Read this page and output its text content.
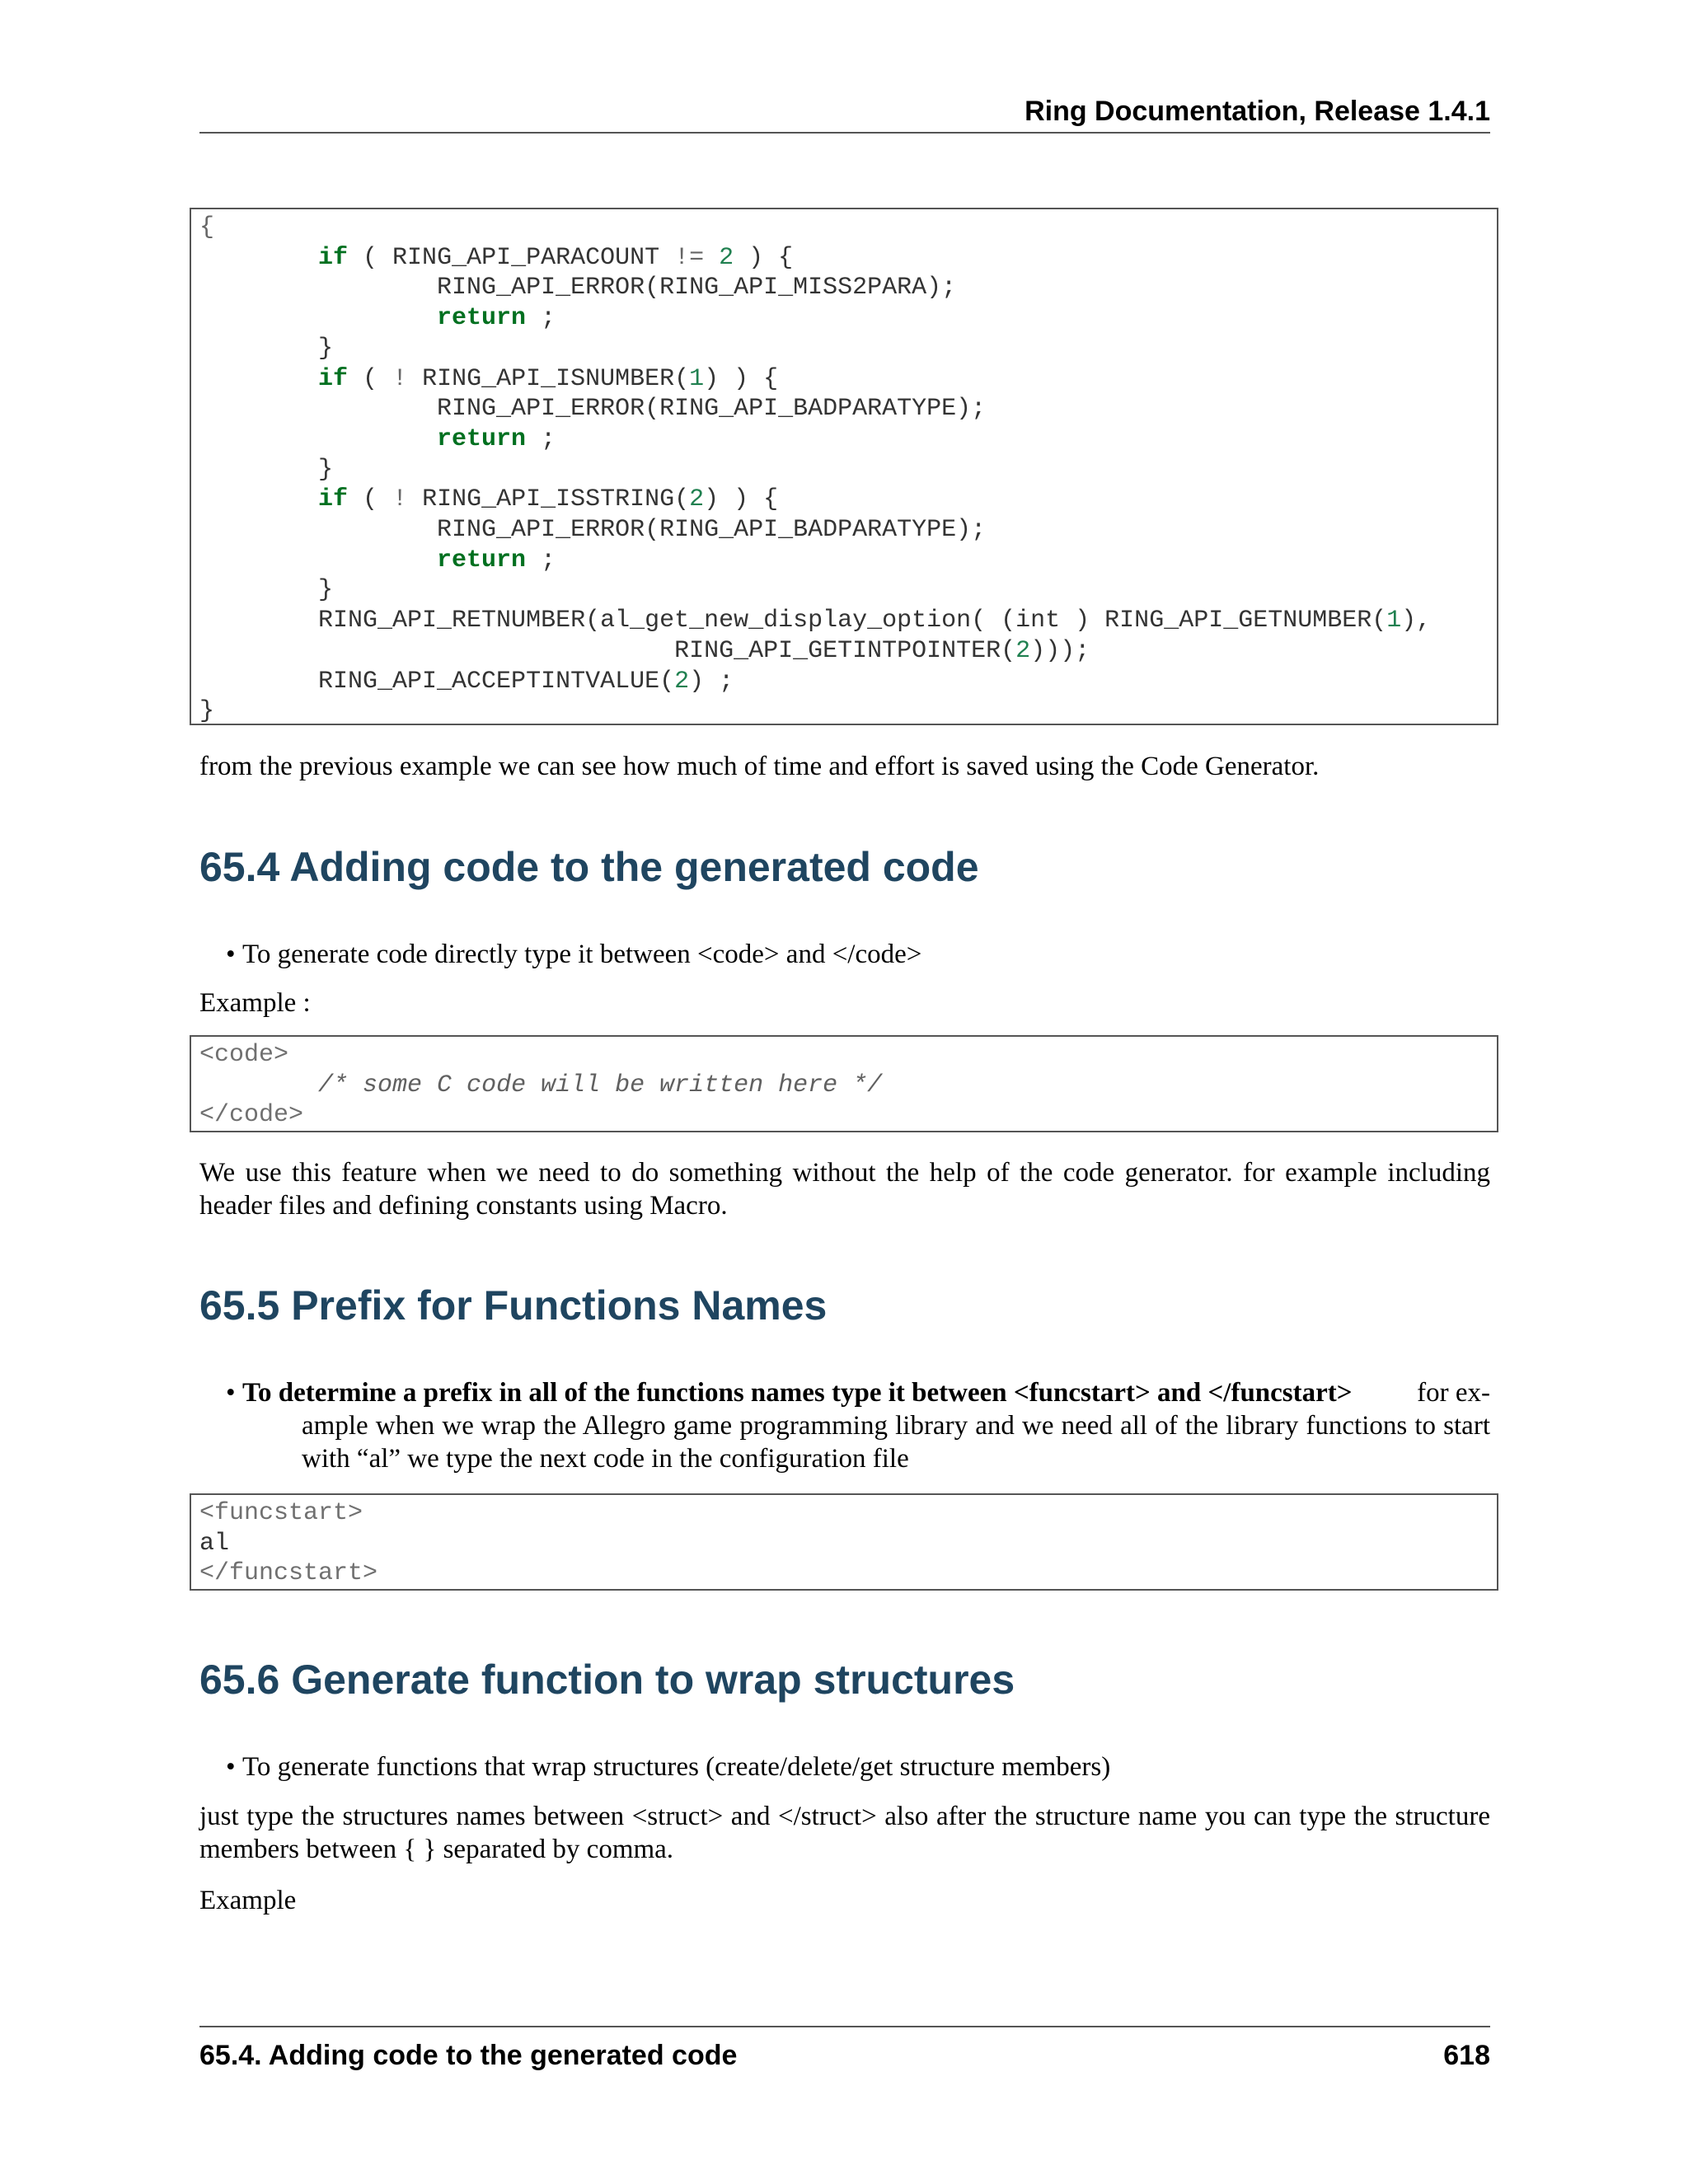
Ring Documentation, Release 1.4.1
{
if ( RING_API_PARACOUNT != 2 ) {
RING_API_ERROR(RING_API_MISS2PARA);
return ;
}
if ( ! RING_API_ISNUMBER(1) ) {
RING_API_ERROR(RING_API_BADPARATYPE);
return ;
}
if ( ! RING_API_ISSTRING(2) ) {
RING_API_ERROR(RING_API_BADPARATYPE);
return ;
}
RING_API_RETNUMBER(al_get_new_display_option( (int ) RING_API_GETNUMBER(1),
RING_API_GETINTPOINTER(2)));
RING_API_ACCEPTINTVALUE(2) ;
}

from the previous example we can see how much of time and effort is saved using the Code Generator.

65.4 Adding code to the generated code
• To generate code directly type it between <code> and </code>

Example :

<code>
/* some C code will be written here */
</code>

We use this feature when we need to do something without the help of the code generator. for example including header files and defining constants using Macro.

65.5 Prefix for Functions Names
• To determine a prefix in all of the functions names type it between <funcstart> and </funcstart> for ex-
ample when we wrap the Allegro game programming library and we need all of the library functions to start with “al” we type the next code in the configuration file
<funcstart>
al
</funcstart>
65.6 Generate function to wrap structures
• To generate functions that wrap structures (create/delete/get structure members)

just type the structures names between <struct> and </struct> also after the structure name you can type the structure members between { } separated by comma.

Example

65.4. Adding code to the generated code	618
